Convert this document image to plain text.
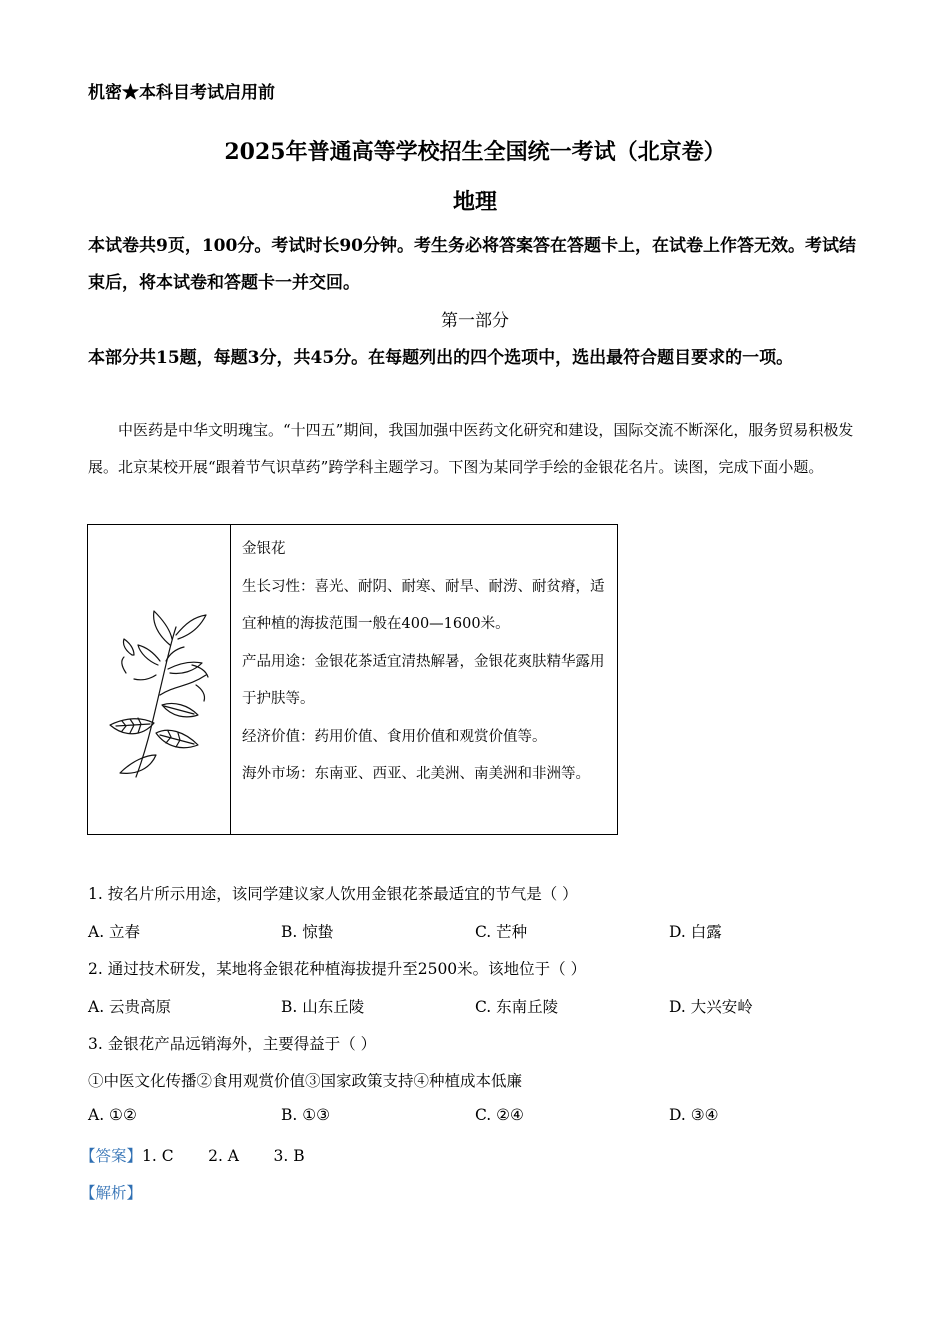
机密★本科目考试启用前
2025年普通高等学校招生全国统一考试（北京卷）
地理
本试卷共9页，100分。考试时长90分钟。考生务必将答案答在答题卡上，在试卷上作答无效。考试结束后，将本试卷和答题卡一并交回。
第一部分
本部分共15题，每题3分，共45分。在每题列出的四个选项中，选出最符合题目要求的一项。
中医药是中华文明瑰宝。“十四五”期间，我国加强中医药文化研究和建设，国际交流不断深化，服务贸易积极发展。北京某校开展“跟着节气识草药”跨学科主题学习。下图为某同学手绘的金银花名片。读图，完成下面小题。
金银花
生长习性：喜光、耐阴、耐寒、耐旱、耐涝、耐贫瘠，适宜种植的海拔范围一般在400—1600米。
产品用途：金银花茶适宜清热解暑，金银花爽肤精华露用于护肤等。
经济价值：药用价值、食用价值和观赏价值等。
海外市场：东南亚、西亚、北美洲、南美洲和非洲等。
1. 按名片所示用途，该同学建议家人饮用金银花茶最适宜的节气是（ ）
A. 立春	B. 惊蛰	C. 芒种	D. 白露
2. 通过技术研发，某地将金银花种植海拔提升至2500米。该地位于（ ）
A. 云贵高原	B. 山东丘陵	C. 东南丘陵	D. 大兴安岭
3. 金银花产品远销海外，主要得益于（ ）
①中医文化传播②食用观赏价值③国家政策支持④种植成本低廉
A. ①②	B. ①③	C. ②④	D. ③④
【答案】1. C       2. A       3. B
【解析】
